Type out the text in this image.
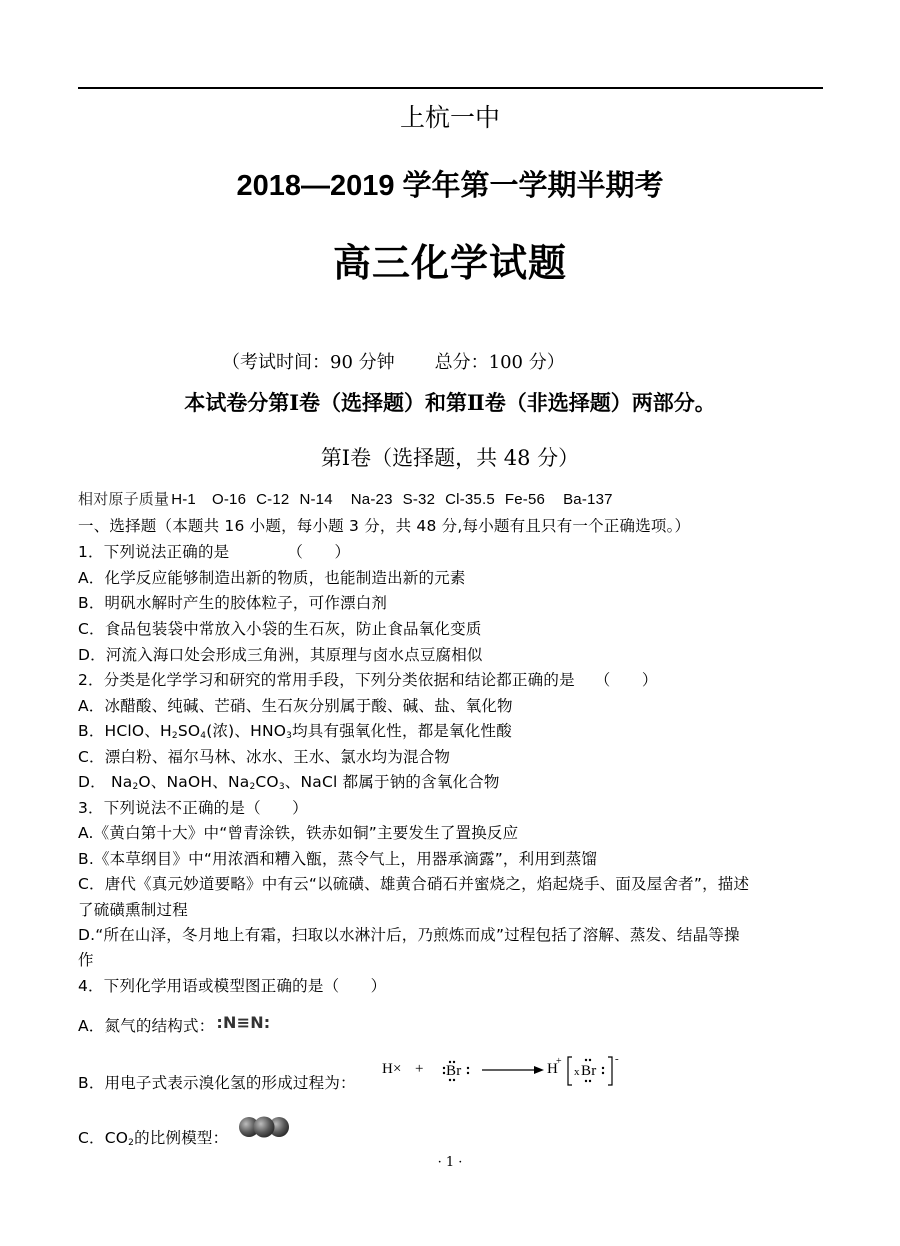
上杭一中
2018—2019 学年第一学期半期考
高三化学试题
（考试时间：90 分钟 总分：100 分）
本试卷分第Ⅰ卷（选择题）和第Ⅱ卷（非选择题）两部分。
第Ⅰ卷（选择题，共 48 分）
相对原子质量 H-1 O-16 C-12 N-14 Na-23 S-32 Cl-35.5 Fe-56 Ba-137
一、选择题（本题共 16 小题，每小题 3 分，共 48 分,每小题有且只有一个正确选项。）
1．下列说法正确的是	（　　）
A．化学反应能够制造出新的物质，也能制造出新的元素
B．明矾水解时产生的胶体粒子，可作漂白剂
C．食品包装袋中常放入小袋的生石灰，防止食品氧化变质
D．河流入海口处会形成三角洲，其原理与卤水点豆腐相似
2．分类是化学学习和研究的常用手段，下列分类依据和结论都正确的是 （　　）
A．冰醋酸、纯碱、芒硝、生石灰分别属于酸、碱、盐、氧化物
B．HClO、$H_2SO_4$(浓)、$HNO_3$均具有强氧化性，都是氧化性酸
C．漂白粉、福尔马林、冰水、王水、氯水均为混合物
D． $Na_2O$、NaOH、$Na_2CO_3$、NaCl 都属于钠的含氧化合物
3．下列说法不正确的是（　　）
A.《黄白第十大》中“曾青涂铁，铁赤如铜”主要发生了置换反应
B.《本草纲目》中“用浓酒和糟入甑，蒸令气上，用器承滴露”，利用到蒸馏
C．唐代《真元妙道要略》中有云“以硫磺、雄黄合硝石并蜜烧之，焰起烧手、面及屋舍者”，描述
了硫磺熏制过程
D.“所在山泽，冬月地上有霜，扫取以水淋汁后，乃煎炼而成”过程包括了溶解、蒸发、结晶等操
作
4．下列化学用语或模型图正确的是（　　）
A．氮气的结构式： :N≡N:
B．用电子式表示溴化氢的形成过程为：
H× + Br	H
+
x Br
-
C．$CO_2$的比例模型：
· 1 ·
